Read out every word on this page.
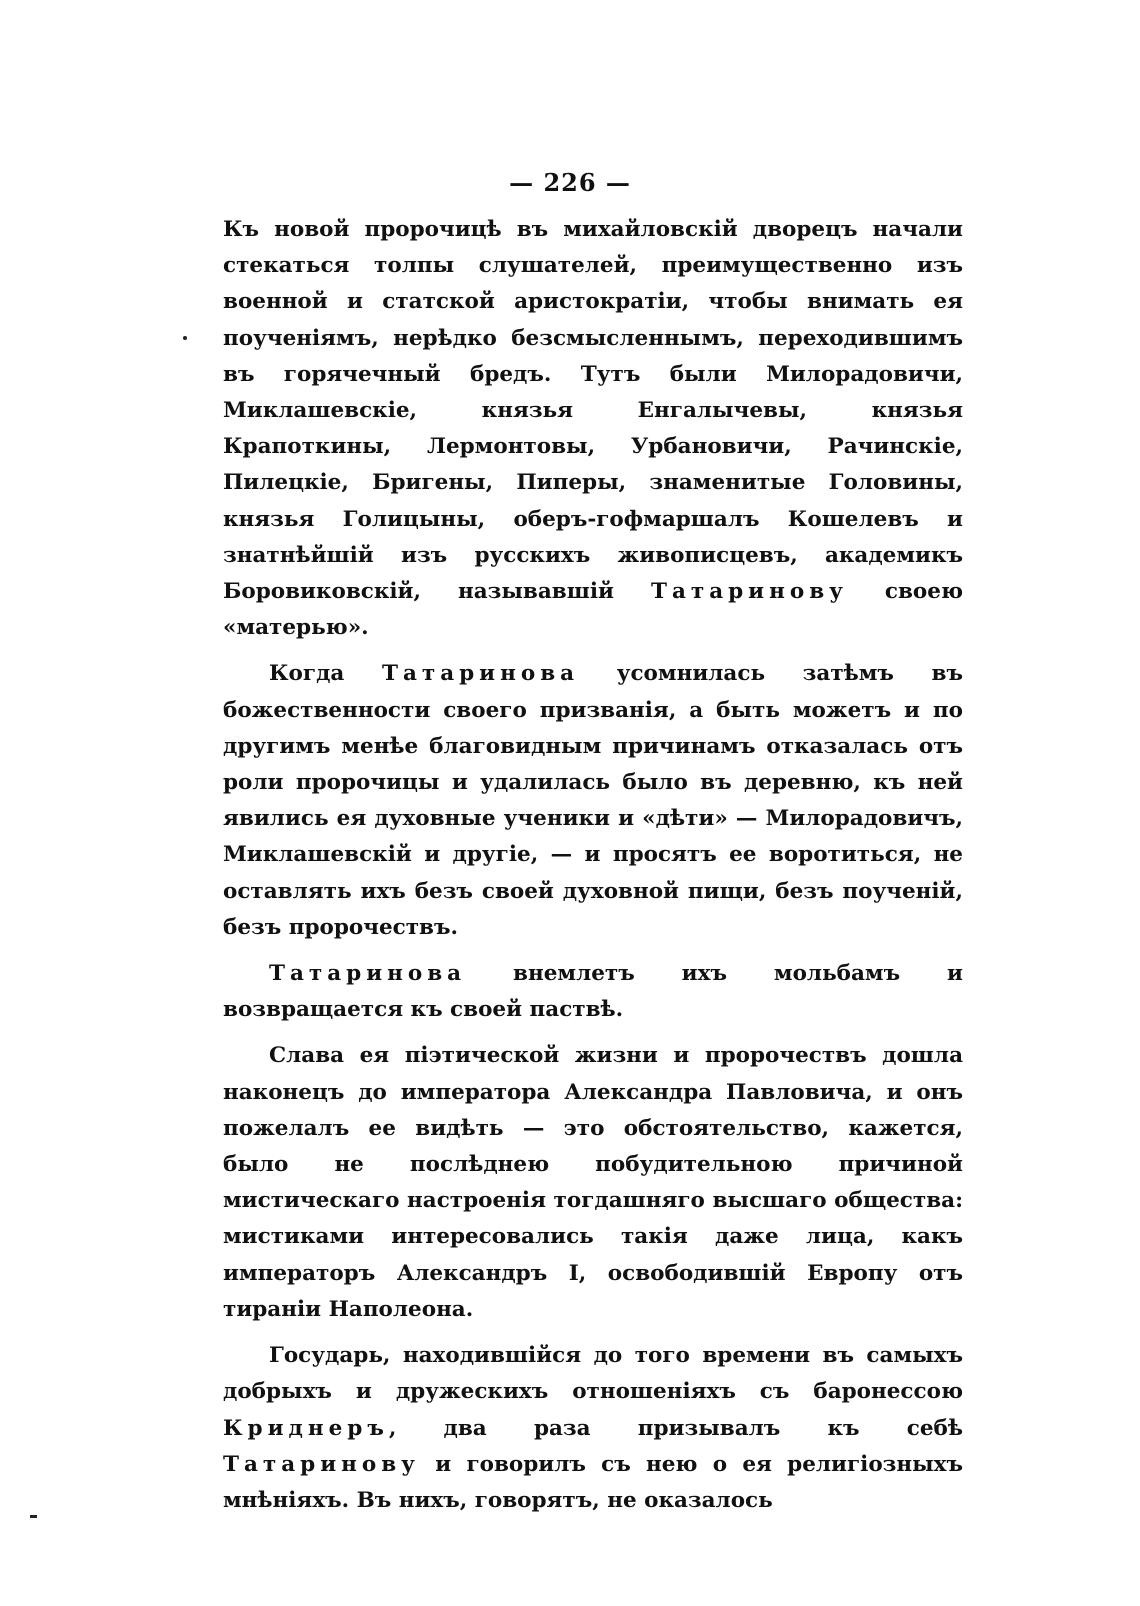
— 226 —

Къ новой пророчицѣ въ михайловскій дворецъ начали стекаться толпы слушателей, преимущественно изъ военной и статской аристократіи, чтобы внимать ея поученіямъ, нерѣдко безсмысленнымъ, переходившимъ въ горячечный бредъ. Тутъ были Милорадовичи, Миклашевскіе, князья Енгалычевы, князья Крапоткины, Лермонтовы, Урбановичи, Рачинскіе, Пилецкіе, Бригены, Пиперы, знаменитые Головины, князья Голицыны, оберъ-гофмаршалъ Кошелевъ и знатнѣйшій изъ русскихъ живописцевъ, академикъ Боровиковскій, называвшій Татаринову своею «матерью».

Когда Татаринова усомнилась затѣмъ въ божественности своего призванія, а быть можетъ и по другимъ менѣе благовидным причинамъ отказалась отъ роли пророчицы и удалилась было въ деревню, къ ней явились ея духовные ученики и «дѣти» — Милорадовичъ, Миклашевскій и другіе, — и просятъ ее воротиться, не оставлять ихъ безъ своей духовной пищи, безъ поученій, безъ пророчествъ.

Татаринова внемлетъ ихъ мольбамъ и возвращается къ своей паствѣ.

Слава ея піэтической жизни и пророчествъ дошла наконецъ до императора Александра Павловича, и онъ пожелалъ ее видѣть — это обстоятельство, кажется, было не послѣднею побудительною причиной мистическаго настроенія тогдашняго высшаго общества: мистиками интересовались такія даже лица, какъ императоръ Александръ I, освободившій Европу отъ тираніи Наполеона.

Государь, находившійся до того времени въ самыхъ добрыхъ и дружескихъ отношеніяхъ съ баронессою Криднеръ, два раза призывалъ къ себѣ Татаринову и говорилъ съ нею о ея религіозныхъ мнѣніяхъ. Въ нихъ, говорятъ, не оказалось
